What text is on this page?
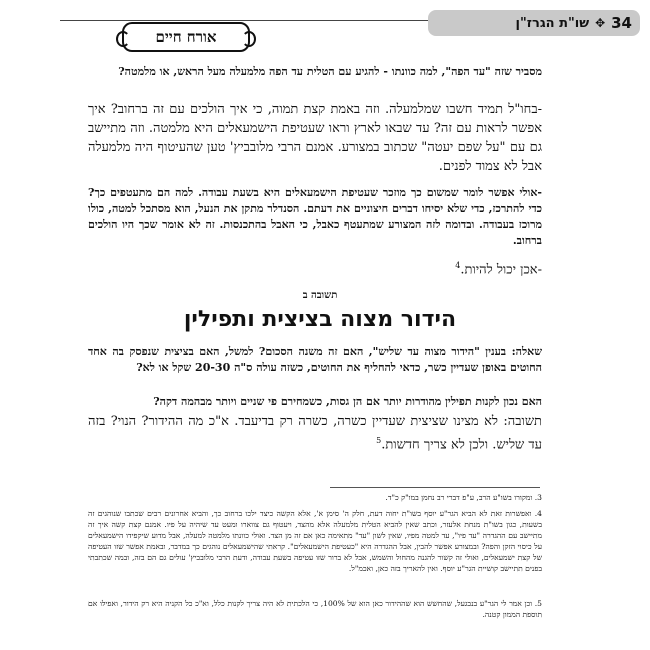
34
✥
שו"ת הגרז"ן
אורח חיים
מסביר שזה "עד הפה", למה כוונתו - להגיע עם הטלית עד הפה מלמעלה מעל הראש, או מלמטה?
-בחו"ל תמיד חשבו שמלמעלה. וזה באמת קצת תמוה, כי איך הולכים עם זה ברחוב? איך אפשר לראות עם זה? עד שבאו לארץ וראו שעטיפת הישמעאלים היא מלמטה. וזה מתיישב גם עם "על שפם יעטה" שכתוב במצורע. אמנם הרבי מלובביץ' טען שהעיטוף היה מלמעלה אבל לא צמוד לפנים.
-אולי אפשר לומר שמשום כך מוזכר שעטיפת הישמעאלים היא בשעת עבודה. למה הם מתעטפים כך? כדי להתרכז, כדי שלא יסיחו דברים חיצוניים את דעתם. הסנדלר מתקן את הנעל, הוא מסתכל למטה, כולו מרוכז בעבודה. ובדומה לזה המצורע שמתעטף כאבל, כי האבל בהתכנסות. זה לא אומר שכך היו הולכים ברחוב.
-אכן יכול להיות.$^4$
תשובה ב
הידור מצוה בציצית ותפילין
שאלה: בענין "הידור מצוה עד שליש", האם זה משנה הסכום? למשל, האם בציצית שנפסק בה אחד החוטים באופן שעדיין כשר, כדאי להחליף את החוטים, כשזה עולה ס"ה 20-30 שקל או לא?
האם נכון לקנות תפילין מהודרות יותר אם הן גסות, כשמחירם פי שניים ויותר מבהמה דקה?
תשובה: לא מצינו שציצית שעדיין כשרה, כשרה רק בדיעבד. א"כ מה ההידור? הנוי? בזה עד שליש. ולכן לא צריך חדשות.$^5$
3. ומקורו בשו"ע הרב, ע"פ דברי רב נחמן במו"ק כ"ד.
4. ואפשרות זאת לא הביא הגר"ע יוסף בשו"ת יחוה דעת, חלק ה' סימן א', אלא הקשה כיצד ילכו ברחוב כך, והביא אחרונים רבים שכתבו שנוהגים זה בשעות, כגון בשו"ת מנחת אלעזר, וכתב שאין להביא הטלית מלמעלה אלא מהצד, ויעטוף גם צווארו ומעט עד שיהיה על פיו. אמנם קצת קשה איך זה מתיישב עם ההגדרה "עד פיו", עד למטה מפיו, שאין לשון "עד" מתאימה כאן אם זה מן הצד. ואולי כוונתו מלמטה למעלה, אבל מדוע שיקפידו הישמעאלים על כיסוי הזקן והפה? ובמצורע אפשר להבין, אבל ההגדרה היא "כעטיפת הישמעאלים". קראתי שהישמעאלים נוהגים כך במדבר, ובאמת אפשר שזו העטיפה של קצת ישמעאלים, ואולי זה קשור להגנה מהחול והשמש, אבל לא ברור שזו עטיפה בשעת עבודה, ודעת הרבי מלובביץ' עולים גם הם בזה, ובמה שכתבתי בפנים תתיישב קושיית הגר"ע יוסף. ואין להאריך בזה כאן, ואכמ"ל.
5. וכן אמר לי הגר"ע בנבגעל, שהחשש הוא שההידור כאן הוא של 100%, כי הלכתית לא היה צריך לקנות כלל, וא"כ כל הקניה היא רק הידור, ואפילו אם תוספת הממון קטנה.
